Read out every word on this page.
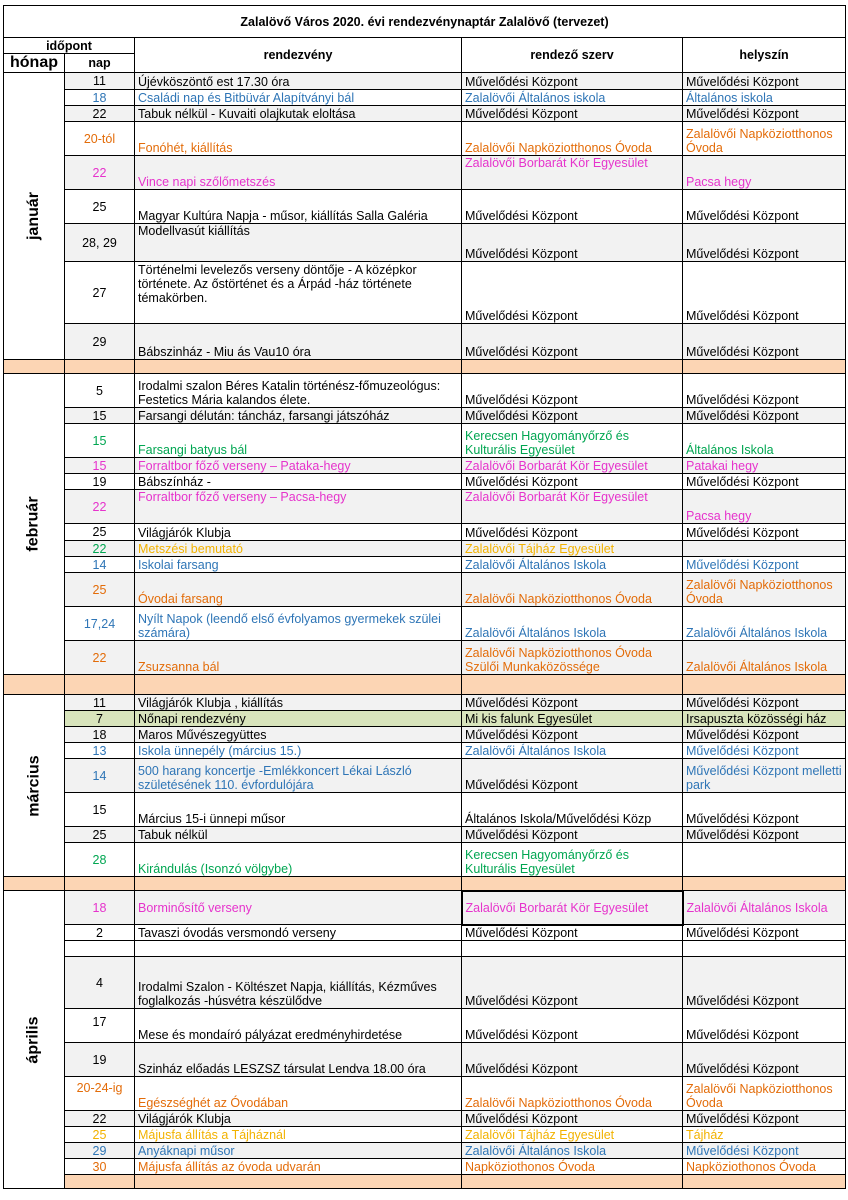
Zalalövő Város 2020. évi rendezvénynaptár Zalalövő (tervezet)				
időpont		rendezvény	rendező szerv	helyszín
hónap	nap			
január	11	Újévköszöntő est 17.30 óra	Művelődési Központ	Művelődési Központ
	18	Családi nap és Bitbüvár Alapítványi bál	Zalalövői Általános iskola	Általános iskola
	22	Tabuk nélkül - Kuvaiti olajkutak eloltása	Művelődési Központ	Művelődési Központ
	20-tól	Fonóhét, kiállítás	Zalalövői Napköziotthonos Óvoda	Zalalövői Napköziotthonos Óvoda
	22	Vince napi szőlőmetszés	Zalalövői Borbarát Kör Egyesület	Pacsa hegy
	25	Magyar Kultúra Napja - műsor, kiállítás Salla Galéria	Művelődési Központ	Művelődési Központ
	28, 29	Modellvasút kiállítás	Művelődési Központ	Művelődési Központ
	27	Történelmi levelezős verseny döntője - A középkor története. Az őstörténet és a Árpád -ház története témakörben.	Művelődési Központ	Művelődési Központ
	29	Bábszinház - Miu ás Vau10 óra	Művelődési Központ	Művelődési Központ

február	5	Irodalmi szalon Béres Katalin történész-főmuzeológus: Festetics Mária kalandos élete.	Művelődési Központ	Művelődési Központ
	15	Farsangi délután: táncház, farsangi játszóház	Művelődési Központ	Művelődési Központ
	15	Farsangi batyus bál	Kerecsen Hagyományőrző és Kulturális Egyesület	Általános Iskola
	15	Forraltbor főző verseny – Pataka-hegy	Zalalövői Borbarát Kör Egyesület	Patakai hegy
	19	Bábszínház -	Művelődési Központ	Művelődési Központ
	22	Forraltbor főző verseny – Pacsa-hegy	Zalalövői Borbarát Kör Egyesület	Pacsa hegy
	25	Világjárók Klubja	Művelődési Központ	Művelődési Központ
	22	Metszési bemutató	Zalalövői Tájház Egyesület	
	14	Iskolai farsang	Zalalövői Általános Iskola	Művelődési Központ
	25	Óvodai farsang	Zalalövői Napköziotthonos Óvoda	Zalalövői Napköziotthonos Óvoda
	17,24	Nyílt Napok (leendő első évfolyamos gyermekek szülei számára)	Zalalövői Általános Iskola	Zalalövői Általános Iskola
	22	Zsuzsanna bál	Zalalövői Napköziotthonos Óvoda Szülői Munkaközössége	Zalalövői Általános Iskola

március	11	Világjárók Klubja , kiállítás	Művelődési Központ	Művelődési Központ
	7	Nőnapi rendezvény	Mi kis falunk Egyesület	Irsapuszta közösségi ház
	18	Maros Művészegyüttes	Művelődési Központ	Művelődési Központ
	13	Iskola ünnepély (március 15.)	Zalalövői Általános Iskola	Művelődési Központ
	14	500 harang koncertje -Emlékkoncert Lékai László születésének 110. évfordulójára	Művelődési Központ	Művelődési Központ melletti park
	15	Március 15-i ünnepi műsor	Általános Iskola/Művelődési Közp	Művelődési Központ
	25	Tabuk nélkül	Művelődési Központ	Művelődési Központ
	28	Kirándulás (Isonzó völgybe)	Kerecsen Hagyományőrző és Kulturális Egyesület	

április	18	Borminősítő verseny	Zalalövői Borbarát Kör Egyesület	Zalalövői Általános Iskola
	2	Tavaszi óvodás versmondó verseny	Művelődési Központ	Művelődési Központ

	4	Irodalmi Szalon - Költészet Napja, kiállítás, Kézműves foglalkozás -húsvétra készülődve	Művelődési Központ	Művelődési Központ
	17	Mese és mondaíró pályázat eredményhirdetése	Művelődési Központ	Művelődési Központ
	19	Szinház előadás LESZSZ társulat Lendva 18.00 óra	Művelődési Központ	Művelődési Központ
	20-24-ig	Egészséghét az Óvodában	Zalalövői Napköziotthonos Óvoda	Zalalövői Napköziotthonos Óvoda
	22	Világjárók Klubja	Művelődési Központ	Művelődési Központ
	25	Májusfa állítás a Tájháznál	Zalalövői Tájház Egyesület	Tájház
	29	Anyáknapi műsor	Zalalövői Általános Iskola	Művelődési Központ
	30	Májusfa állítás az óvoda udvarán	Napköziothonos Óvoda	Napköziothonos Óvoda
